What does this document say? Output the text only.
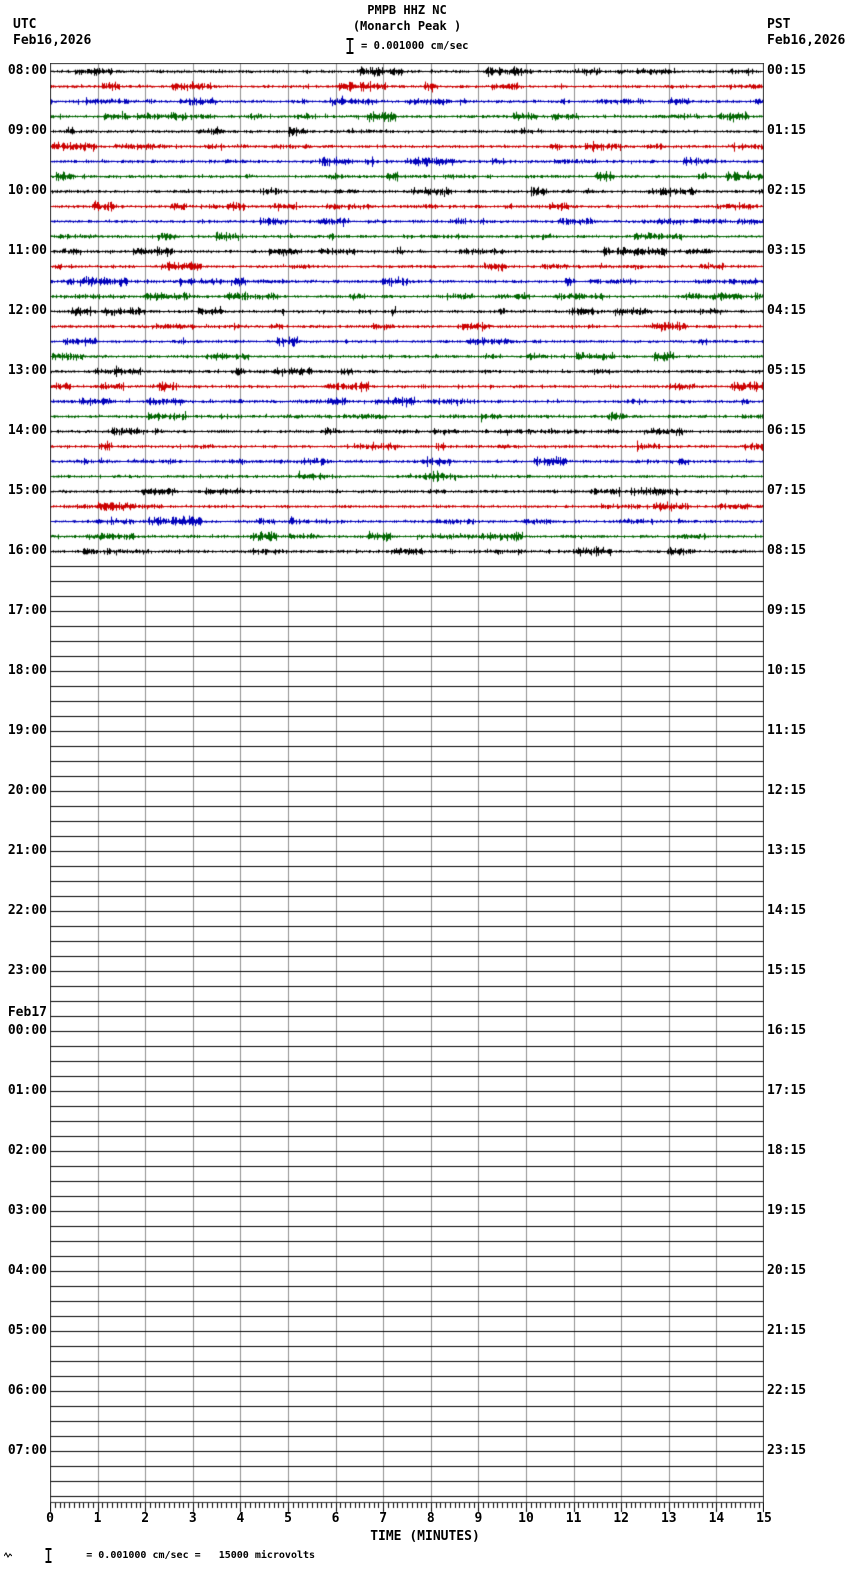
PMPB HHZ NC
(Monarch Peak )
UTC
Feb16,2026
PST
Feb16,2026
= 0.001000 cm/sec
08:00
09:00
10:00
11:00
12:00
13:00
14:00
15:00
16:00
17:00
18:00
19:00
20:00
21:00
22:00
23:00
00:00
Feb17
01:00
02:00
03:00
04:00
05:00
06:00
07:00
00:15
01:15
02:15
03:15
04:15
05:15
06:15
07:15
08:15
09:15
10:15
11:15
12:15
13:15
14:15
15:15
16:15
17:15
18:15
19:15
20:15
21:15
22:15
23:15
0	1	2	3	4	5	6	7	8	9	10	11	12	13	14	15
TIME (MINUTES)

= 0.001000 cm/sec =   15000 microvolts
